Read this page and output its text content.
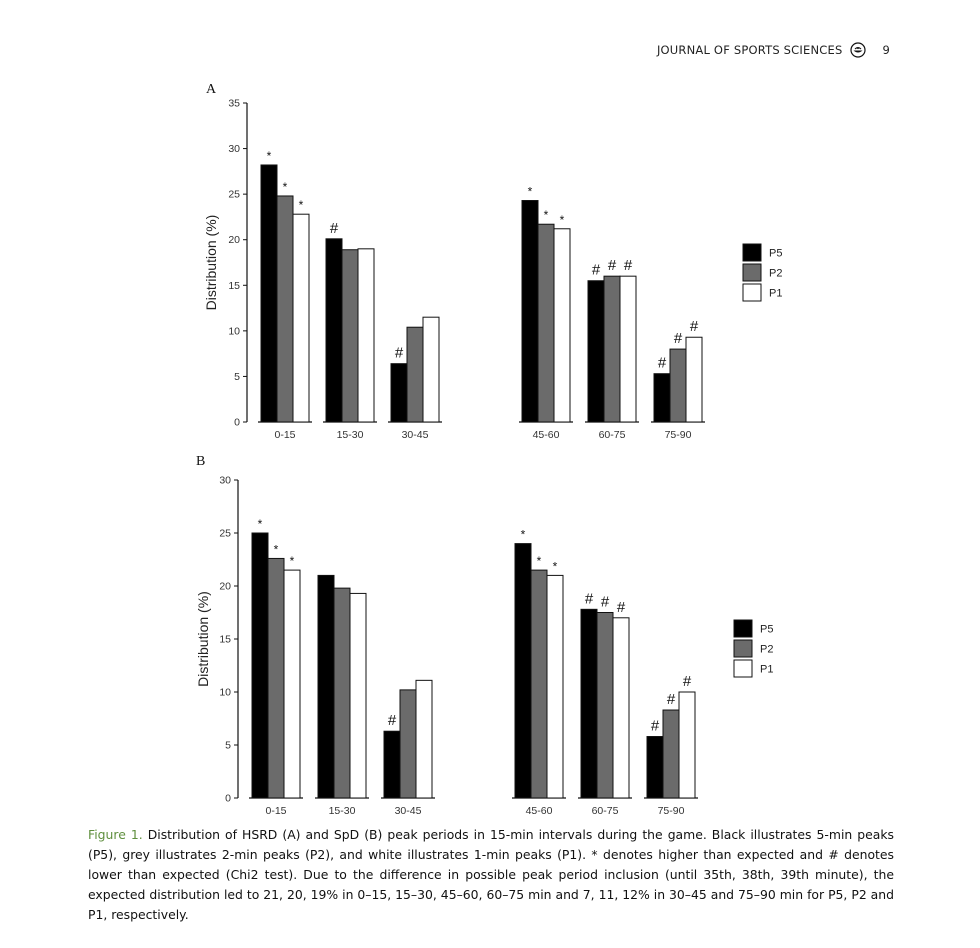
JOURNAL OF SPORTS SCIENCES	9
A
0
5
10
15
20
25
30
35
Distribution (%)
*
#
#
*
#
#
*
*
#
#
*
*
#
#
0-15	15-30	30-45	45-60	60-75	75-90
P5
P2
P1
B
0
5
10
15
20
25
30
Distribution (%)
*
#
*
#
#
*
*
#
#
*	*
#
#
0-15	15-30	30-45	45-60	60-75	75-90
P5
P2
P1
Figure 1. Distribution of HSRD (A) and SpD (B) peak periods in 15-min intervals during the game. Black illustrates 5-min peaks (P5), grey illustrates 2-min peaks (P2), and white illustrates 1-min peaks (P1). * denotes higher than expected and # denotes lower than expected (Chi2 test). Due to the difference in possible peak period inclusion (until 35th, 38th, 39th minute), the expected distribution led to 21, 20, 19% in 0–15, 15–30, 45–60, 60–75 min and 7, 11, 12% in 30–45 and 75–90 min for P5, P2 and P1, respectively.
